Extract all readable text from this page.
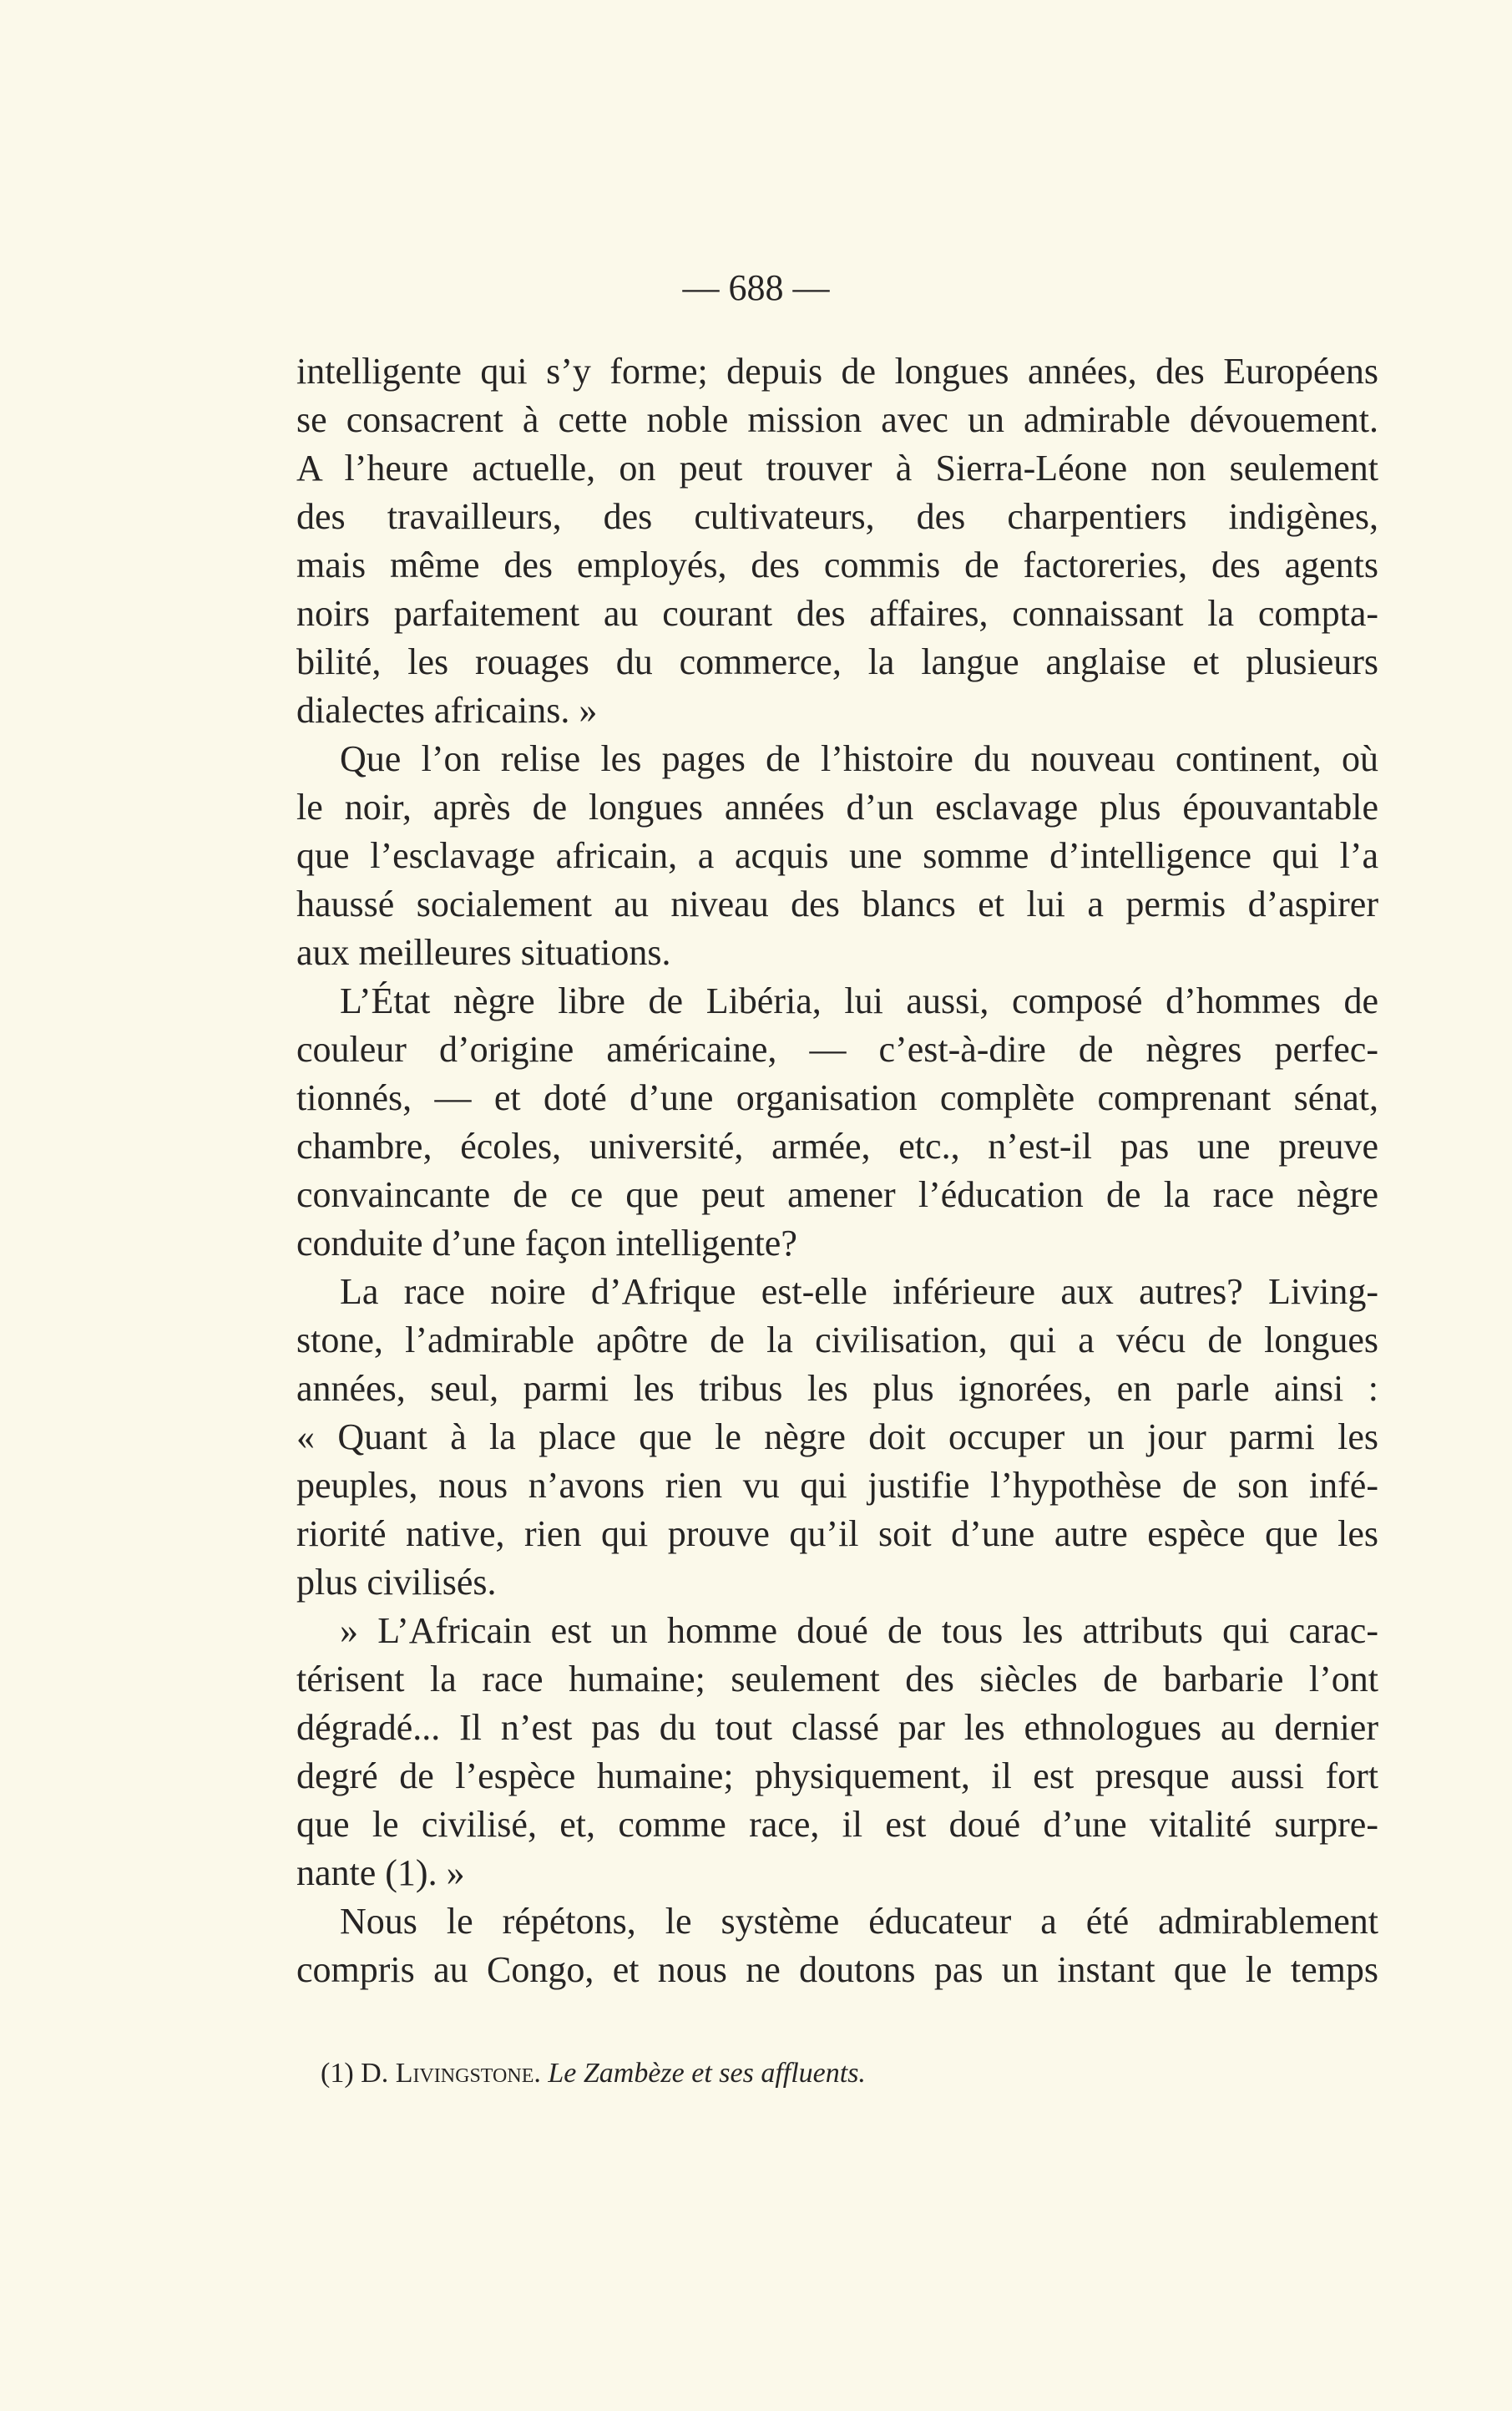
— 688 —
intelligente qui s’y forme; depuis de longues années, des Européens
se consacrent à cette noble mission avec un admirable dévouement.
A l’heure actuelle, on peut trouver à Sierra-Léone non seulement
des travailleurs, des cultivateurs, des charpentiers indigènes,
mais même des employés, des commis de factoreries, des agents
noirs parfaitement au courant des affaires, connaissant la compta-
bilité, les rouages du commerce, la langue anglaise et plusieurs
dialectes africains. »
Que l’on relise les pages de l’histoire du nouveau continent, où
le noir, après de longues années d’un esclavage plus épouvantable
que l’esclavage africain, a acquis une somme d’intelligence qui l’a
haussé socialement au niveau des blancs et lui a permis d’aspirer
aux meilleures situations.
L’État nègre libre de Libéria, lui aussi, composé d’hommes de
couleur d’origine américaine, — c’est-à-dire de nègres perfec-
tionnés, — et doté d’une organisation complète comprenant sénat,
chambre, écoles, université, armée, etc., n’est-il pas une preuve
convaincante de ce que peut amener l’éducation de la race nègre
conduite d’une façon intelligente?
La race noire d’Afrique est-elle inférieure aux autres? Living-
stone, l’admirable apôtre de la civilisation, qui a vécu de longues
années, seul, parmi les tribus les plus ignorées, en parle ainsi :
« Quant à la place que le nègre doit occuper un jour parmi les
peuples, nous n’avons rien vu qui justifie l’hypothèse de son infé-
riorité native, rien qui prouve qu’il soit d’une autre espèce que les
plus civilisés.
» L’Africain est un homme doué de tous les attributs qui carac-
térisent la race humaine; seulement des siècles de barbarie l’ont
dégradé... Il n’est pas du tout classé par les ethnologues au dernier
degré de l’espèce humaine; physiquement, il est presque aussi fort
que le civilisé, et, comme race, il est doué d’une vitalité surpre-
nante (1). »
Nous le répétons, le système éducateur a été admirablement
compris au Congo, et nous ne doutons pas un instant que le temps
(1) D. Livingstone. Le Zambèze et ses affluents.
